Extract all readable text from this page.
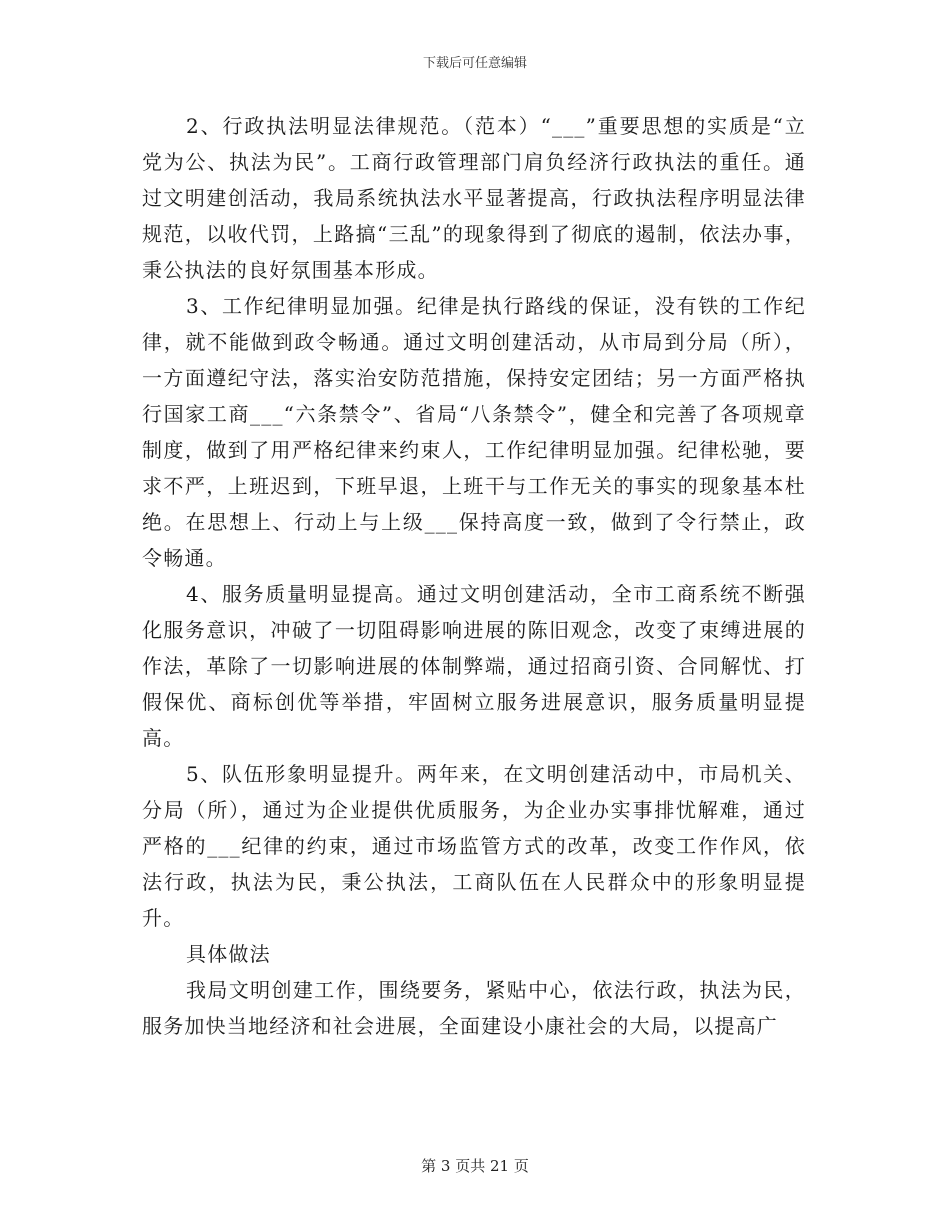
下载后可任意编辑

2、行政执法明显法律规范。（范本）“___”重要思想的实质是“立党为公、执法为民”。工商行政管理部门肩负经济行政执法的重任。通过文明建创活动，我局系统执法水平显著提高，行政执法程序明显法律规范，以收代罚，上路搞“三乱”的现象得到了彻底的遏制，依法办事，秉公执法的良好氛围基本形成。

3、工作纪律明显加强。纪律是执行路线的保证，没有铁的工作纪律，就不能做到政令畅通。通过文明创建活动，从市局到分局（所），一方面遵纪守法，落实治安防范措施，保持安定团结；另一方面严格执行国家工商___“六条禁令”、省局“八条禁令”，健全和完善了各项规章制度，做到了用严格纪律来约束人，工作纪律明显加强。纪律松驰，要求不严，上班迟到，下班早退，上班干与工作无关的事实的现象基本杜绝。在思想上、行动上与上级___保持高度一致，做到了令行禁止，政令畅通。

4、服务质量明显提高。通过文明创建活动，全市工商系统不断强化服务意识，冲破了一切阻碍影响进展的陈旧观念，改变了束缚进展的作法，革除了一切影响进展的体制弊端，通过招商引资、合同解忧、打假保优、商标创优等举措，牢固树立服务进展意识，服务质量明显提高。

5、队伍形象明显提升。两年来，在文明创建活动中，市局机关、分局（所），通过为企业提供优质服务，为企业办实事排忧解难，通过严格的___纪律的约束，通过市场监管方式的改革，改变工作作风，依法行政，执法为民，秉公执法，工商队伍在人民群众中的形象明显提升。

具体做法

我局文明创建工作，围绕要务，紧贴中心，依法行政，执法为民，服务加快当地经济和社会进展，全面建设小康社会的大局，以提高广

第 3 页共 21 页
